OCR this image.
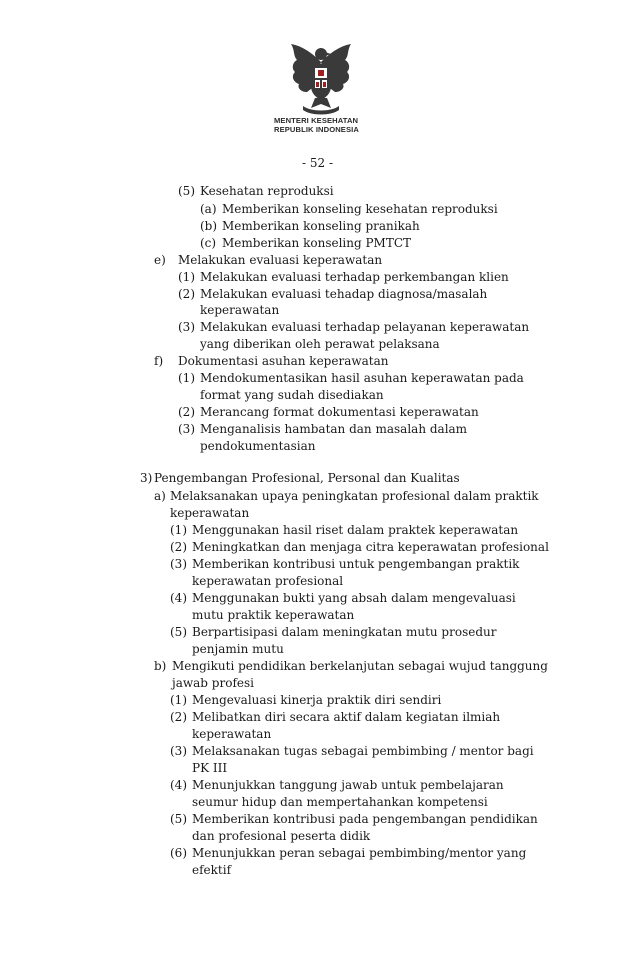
MENTERI KESEHATAN
REPUBLIK INDONESIA
- 52 -
(5) Kesehatan reproduksi
(a) Memberikan konseling kesehatan reproduksi
(b) Memberikan konseling pranikah
(c) Memberikan konseling PMTCT
e) Melakukan evaluasi keperawatan
(1) Melakukan evaluasi terhadap perkembangan klien
(2) Melakukan evaluasi tehadap diagnosa/masalah
keperawatan
(3) Melakukan evaluasi terhadap pelayanan keperawatan
yang diberikan oleh perawat pelaksana
f) Dokumentasi asuhan keperawatan
(1) Mendokumentasikan hasil asuhan keperawatan pada
format yang sudah disediakan
(2) Merancang format dokumentasi keperawatan
(3) Menganalisis hambatan dan masalah dalam
pendokumentasian
3) Pengembangan Profesional, Personal dan Kualitas
a) Melaksanakan upaya peningkatan profesional dalam praktik
keperawatan
(1) Menggunakan hasil riset dalam praktek keperawatan
(2) Meningkatkan dan menjaga citra keperawatan profesional
(3) Memberikan kontribusi untuk pengembangan praktik
keperawatan profesional
(4) Menggunakan bukti yang absah dalam mengevaluasi
mutu praktik keperawatan
(5) Berpartisipasi dalam meningkatan mutu prosedur
penjamin mutu
b) Mengikuti pendidikan berkelanjutan sebagai wujud tanggung
jawab profesi
(1) Mengevaluasi kinerja praktik diri sendiri
(2) Melibatkan diri secara aktif dalam kegiatan ilmiah
keperawatan
(3) Melaksanakan tugas sebagai pembimbing / mentor bagi
PK III
(4) Menunjukkan tanggung jawab untuk pembelajaran
seumur hidup dan mempertahankan kompetensi
(5) Memberikan kontribusi pada pengembangan pendidikan
dan profesional peserta didik
(6) Menunjukkan peran sebagai pembimbing/mentor yang
efektif
